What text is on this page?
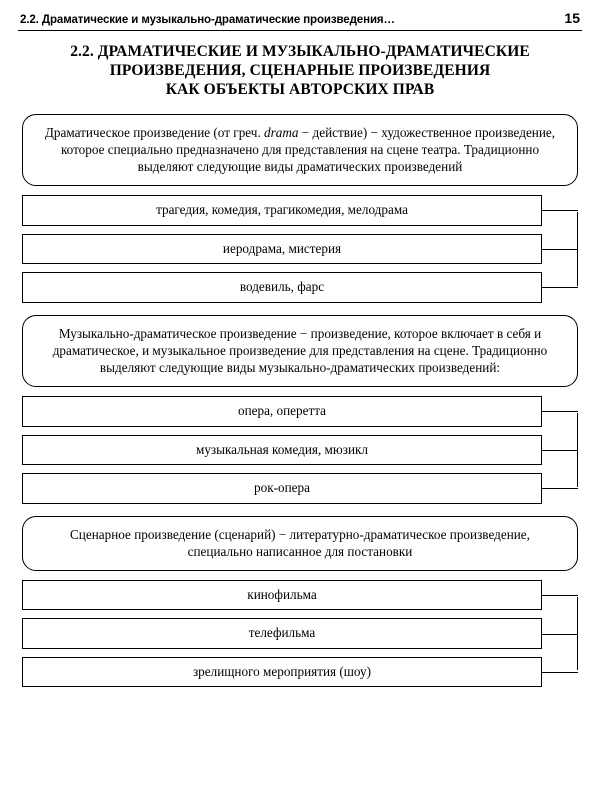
2.2. Драматические и музыкально-драматические произведения…	15
2.2. ДРАМАТИЧЕСКИЕ И МУЗЫКАЛЬНО-ДРАМАТИЧЕСКИЕ
ПРОИЗВЕДЕНИЯ, СЦЕНАРНЫЕ ПРОИЗВЕДЕНИЯ
КАК ОБЪЕКТЫ АВТОРСКИХ ПРАВ
Драматическое произведение (от греч. drama − действие) − художественное произведение, которое специально предназначено для представления на сцене театра. Традиционно выделяют следующие виды драматических произведений
трагедия, комедия, трагикомедия, мелодрама
иеродрама, мистерия
водевиль, фарс
Музыкально-драматическое произведение − произведение, которое включает в себя и драматическое, и музыкальное произведение для представления на сцене. Традиционно выделяют следующие виды музыкально-драматических произведений:
опера, оперетта
музыкальная комедия, мюзикл
рок-опера
Сценарное произведение (сценарий) − литературно-драматическое произведение, специально написанное для постановки
кинофильма
телефильма
зрелищного мероприятия (шоу)
